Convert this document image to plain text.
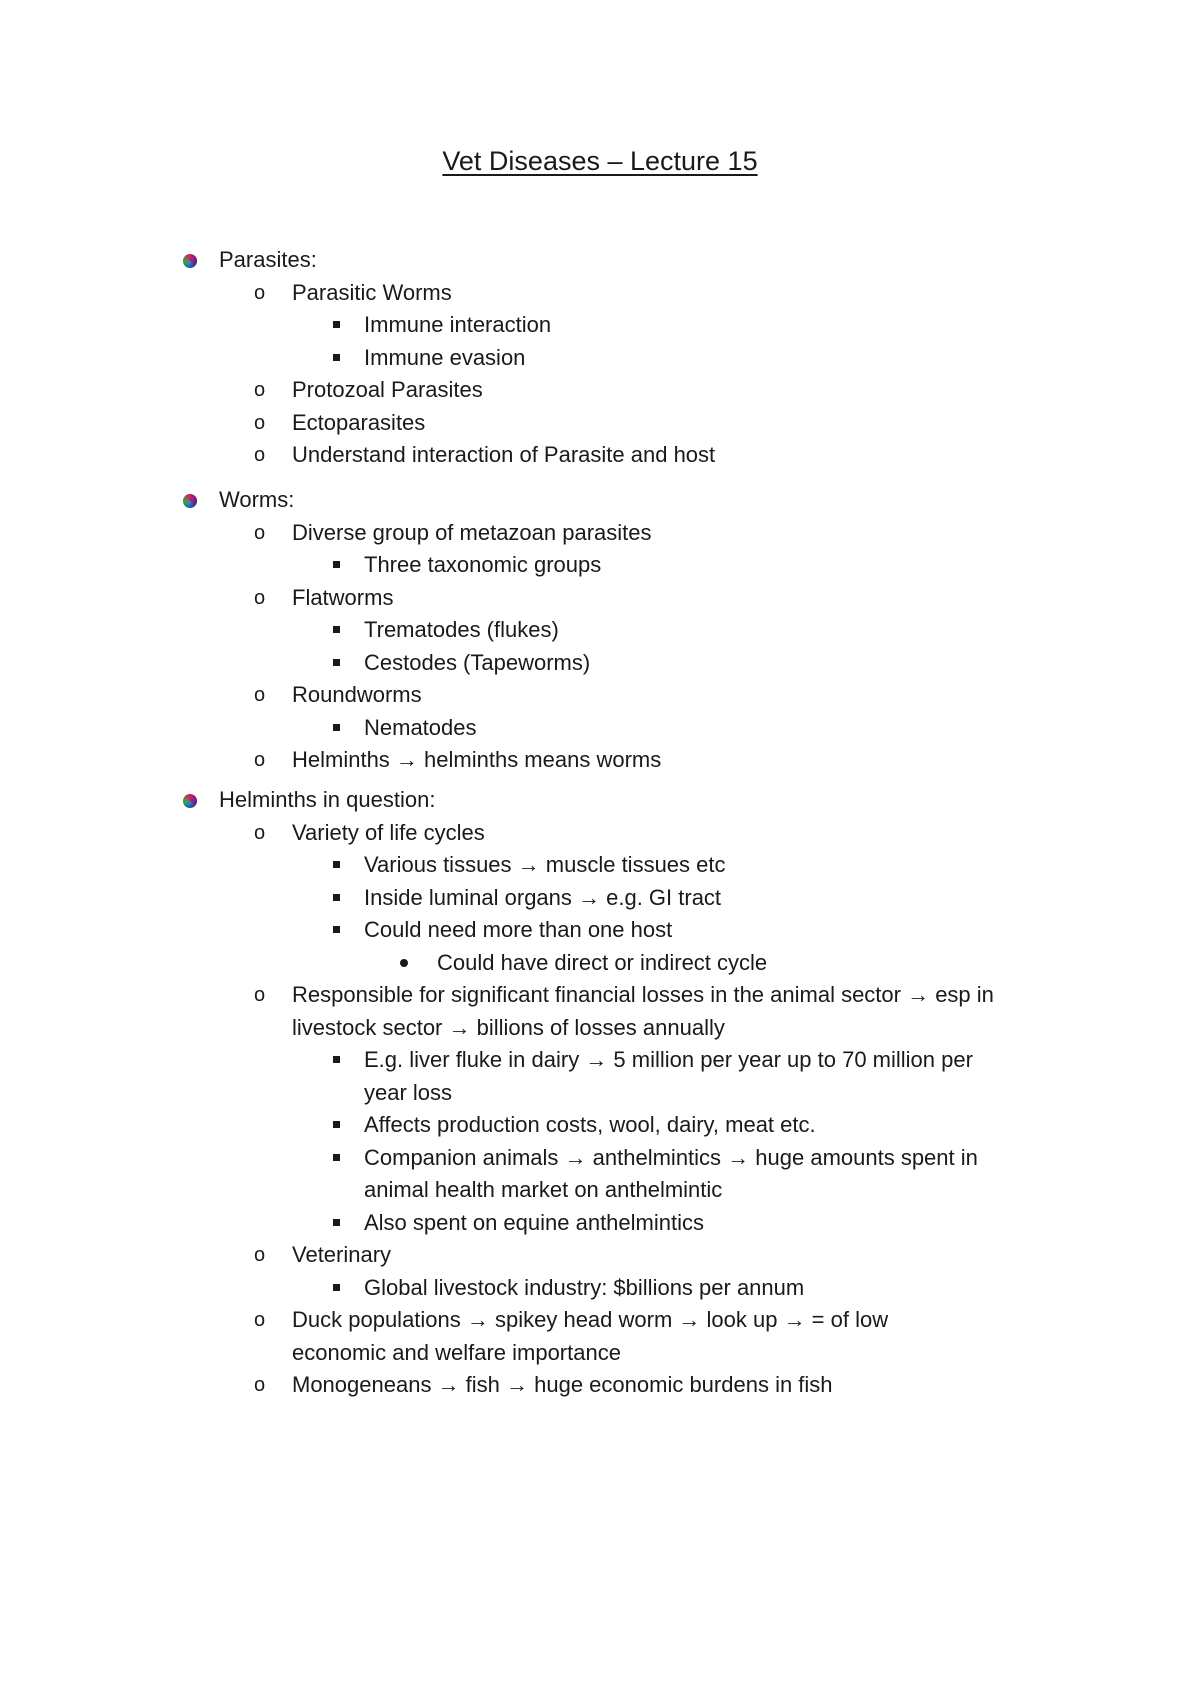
Vet Diseases – Lecture 15
Parasites:
o Parasitic Worms
Immune interaction
Immune evasion
o Protozoal Parasites
o Ectoparasites
o Understand interaction of Parasite and host
Worms:
o Diverse group of metazoan parasites
Three taxonomic groups
o Flatworms
Trematodes (flukes)
Cestodes (Tapeworms)
o Roundworms
Nematodes
o Helminths → helminths means worms
Helminths in question:
o Variety of life cycles
Various tissues → muscle tissues etc
Inside luminal organs → e.g. GI tract
Could need more than one host
Could have direct or indirect cycle
o Responsible for significant financial losses in the animal sector → esp in
livestock sector → billions of losses annually
E.g. liver fluke in dairy → 5 million per year up to 70 million per
year loss
Affects production costs, wool, dairy, meat etc.
Companion animals → anthelmintics → huge amounts spent in
animal health market on anthelmintic
Also spent on equine anthelmintics
o Veterinary
Global livestock industry: $billions per annum
o Duck populations → spikey head worm → look up → = of low
economic and welfare importance
o Monogeneans → fish → huge economic burdens in fish
